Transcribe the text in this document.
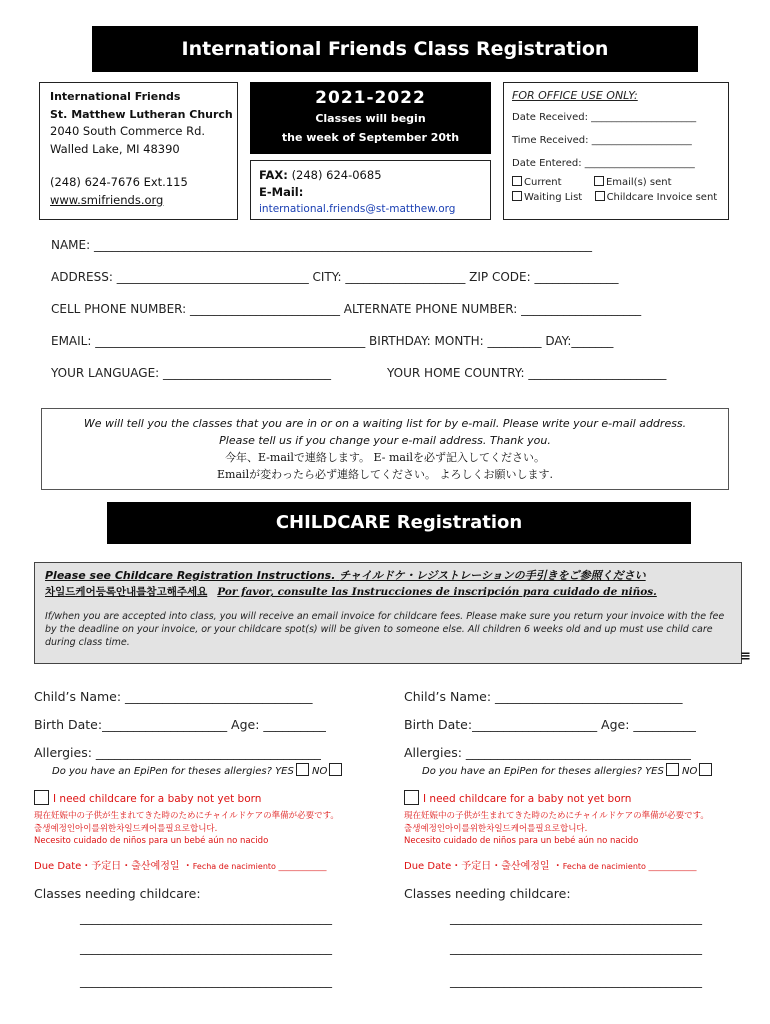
International Friends Class Registration
International Friends
St. Matthew Lutheran Church
2040 South Commerce Rd.
Walled Lake, MI 48390
(248) 624-7676 Ext.115
www.smifriends.org
2021-2022
Classes will begin
the week of September 20th
FAX: (248) 624-0685
E-Mail:
international.friends@st-matthew.org
FOR OFFICE USE ONLY:
Date Received: _____________________
Time Received: ____________________
Date Entered: ______________________
Current	Email(s) sent
Waiting List Childcare Invoice sent
NAME: ___________________________________________________________________________________
ADDRESS: ________________________________ CITY: ____________________ ZIP CODE: ______________
CELL PHONE NUMBER: _________________________ ALTERNATE PHONE NUMBER: ____________________
EMAIL: _____________________________________________ BIRTHDAY: MONTH: _________ DAY:_______
YOUR LANGUAGE: ____________________________	YOUR HOME COUNTRY: _______________________
We will tell you the classes that you are in or on a waiting list for by e-mail. Please write your e-mail address.
Please tell us if you change your e-mail address. Thank you.
今年、E-mailで連絡します。 E- mailを必ず記入してください。
Emailが変わったら必ず連絡してください。 よろしくお願いします.
CHILDCARE Registration
Please see Childcare Registration Instructions. チャイルドケ・レジストレーションの手引きをご参照ください
차일드케어등록안내를참고해주세요 Por favor, consulte las Instrucciones de inscripción para cuidado de niños.
If/when you are accepted into class, you will receive an email invoice for childcare fees. Please make sure you return your invoice with the fee by the deadline on your invoice, or your childcare spot(s) will be given to someone else. All children 6 weeks old and up must use child care during class time.
≡
Child’s Name: ______________________________
Birth Date:____________________ Age: __________
Allergies: ____________________________________
Do you have an EpiPen for theses allergies? YES NO
I need childcare for a baby not yet born
現在妊娠中の子供が生まれてきた時のためにチャイルドケアの準備が必要です。
출생예정인아이를위한차일드케어를필요로합니다.
Necesito cuidado de niños para un bebé aún no nacido
Due Date・予定日・출산예정일 ・Fecha de nacimiento ____________
Classes needing childcare:
__________________________________________
__________________________________________
__________________________________________
Child’s Name: ______________________________
Birth Date:____________________ Age: __________
Allergies: ____________________________________
Do you have an EpiPen for theses allergies? YES NO
I need childcare for a baby not yet born
現在妊娠中の子供が生まれてきた時のためにチャイルドケアの準備が必要です。
출생예정인아이를위한차일드케어를필요로합니다.
Necesito cuidado de niños para un bebé aún no nacido
Due Date・予定日・출산예정일 ・Fecha de nacimiento ____________
Classes needing childcare:
__________________________________________
__________________________________________
__________________________________________
